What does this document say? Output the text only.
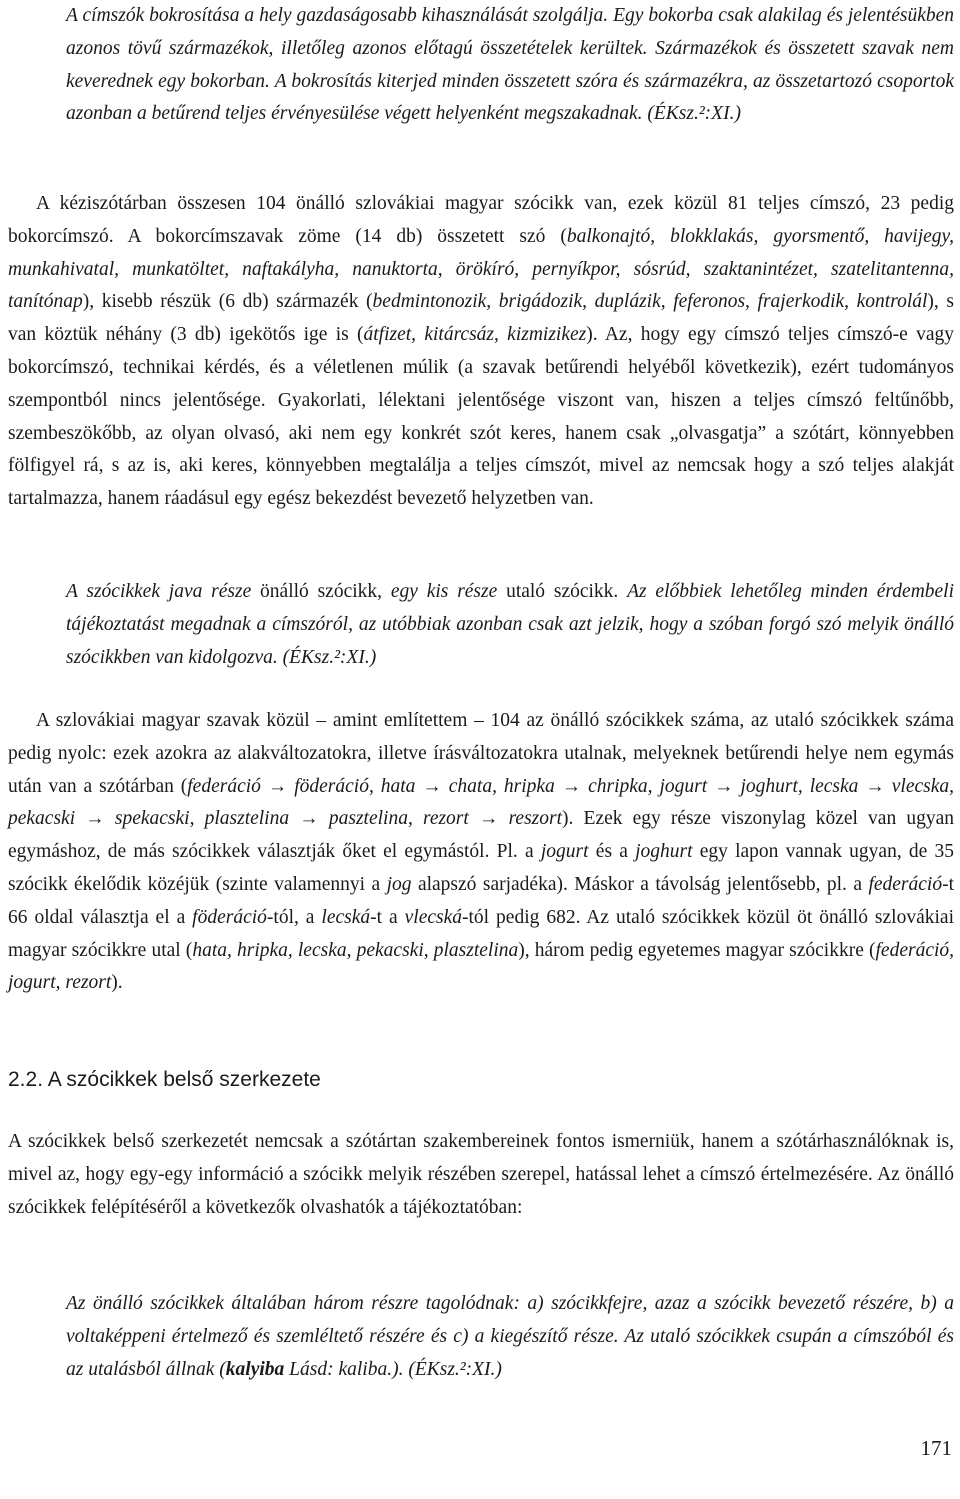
A címszók bokrosítása a hely gazdaságosabb kihasználását szolgálja. Egy bokorba csak alakilag és jelentésükben azonos tövű származékok, illetőleg azonos előtagú összetételek kerültek. Származékok és összetett szavak nem keverednek egy bokorban. A bokrosítás kiterjed minden összetett szóra és származékra, az összetartozó csoportok azonban a betűrend teljes érvényesülése végett helyenként megszakadnak. (ÉKsz.²:XI.)
A kéziszótárban összesen 104 önálló szlovákiai magyar szócikk van, ezek közül 81 teljes címszó, 23 pedig bokorcímszó. A bokorcímszavak zöme (14 db) összetett szó (balkonajtó, blokklakás, gyorsmentő, havijegy, munkahivatal, munkatöltet, naftakályha, nanuktorta, örökíró, pernyíkpor, sósrúd, szaktanintézet, szatelitantenna, tanítónap), kisebb részük (6 db) származék (bedmintonozik, brigádozik, duplázik, feferonos, frajerkodik, kontrolál), s van köztük néhány (3 db) igekötős ige is (átfizet, kitárcsáz, kizmizikez). Az, hogy egy címszó teljes címszó-e vagy bokorcímszó, technikai kérdés, és a véletlenen múlik (a szavak betűrendi helyéből következik), ezért tudományos szempontból nincs jelentősége. Gyakorlati, lélektani jelentősége viszont van, hiszen a teljes címszó feltűnőbb, szembeszökőbb, az olyan olvasó, aki nem egy konkrét szót keres, hanem csak „olvasgatja” a szótárt, könnyebben fölfigyel rá, s az is, aki keres, könnyebben megtalálja a teljes címszót, mivel az nemcsak hogy a szó teljes alakját tartalmazza, hanem ráadásul egy egész bekezdést bevezető helyzetben van.
A szócikkek java része önálló szócikk, egy kis része utaló szócikk. Az előbbiek lehetőleg minden érdembeli tájékoztatást megadnak a címszóról, az utóbbiak azonban csak azt jelzik, hogy a szóban forgó szó melyik önálló szócikkben van kidolgozva. (ÉKsz.²:XI.)
A szlovákiai magyar szavak közül – amint említettem – 104 az önálló szócikkek száma, az utaló szócikkek száma pedig nyolc: ezek azokra az alakváltozatokra, illetve írásváltozatokra utalnak, melyeknek betűrendi helye nem egymás után van a szótárban (federáció → föderáció, hata → chata, hripka → chripka, jogurt → joghurt, lecska → vlecska, pekacski → spekacski, plasztelina → pasztelina, rezort → reszort). Ezek egy része viszonylag közel van ugyan egymáshoz, de más szócikkek választják őket el egymástól. Pl. a jogurt és a joghurt egy lapon vannak ugyan, de 35 szócikk ékelődik közéjük (szinte valamennyi a jog alapszó sarjadéka). Máskor a távolság jelentősebb, pl. a federáció-t 66 oldal választja el a föderáció-tól, a lecská-t a vlecská-tól pedig 682. Az utaló szócikkek közül öt önálló szlovákiai magyar szócikkre utal (hata, hripka, lecska, pekacski, plasztelina), három pedig egyetemes magyar szócikkre (federáció, jogurt, rezort).
2.2. A szócikkek belső szerkezete
A szócikkek belső szerkezetét nemcsak a szótártan szakembereinek fontos ismerniük, hanem a szótárhasználóknak is, mivel az, hogy egy-egy információ a szócikk melyik részében szerepel, hatással lehet a címszó értelmezésére. Az önálló szócikkek felépítéséről a következők olvashatók a tájékoztatóban:
Az önálló szócikkek általában három részre tagolódnak: a) szócikkfejre, azaz a szócikk bevezető részére, b) a voltaképpeni értelmező és szemléltető részére és c) a kiegészítő része. Az utaló szócikkek csupán a címszóból és az utalásból állnak (kalyiba Lásd: kaliba.). (ÉKsz.²:XI.)
171
